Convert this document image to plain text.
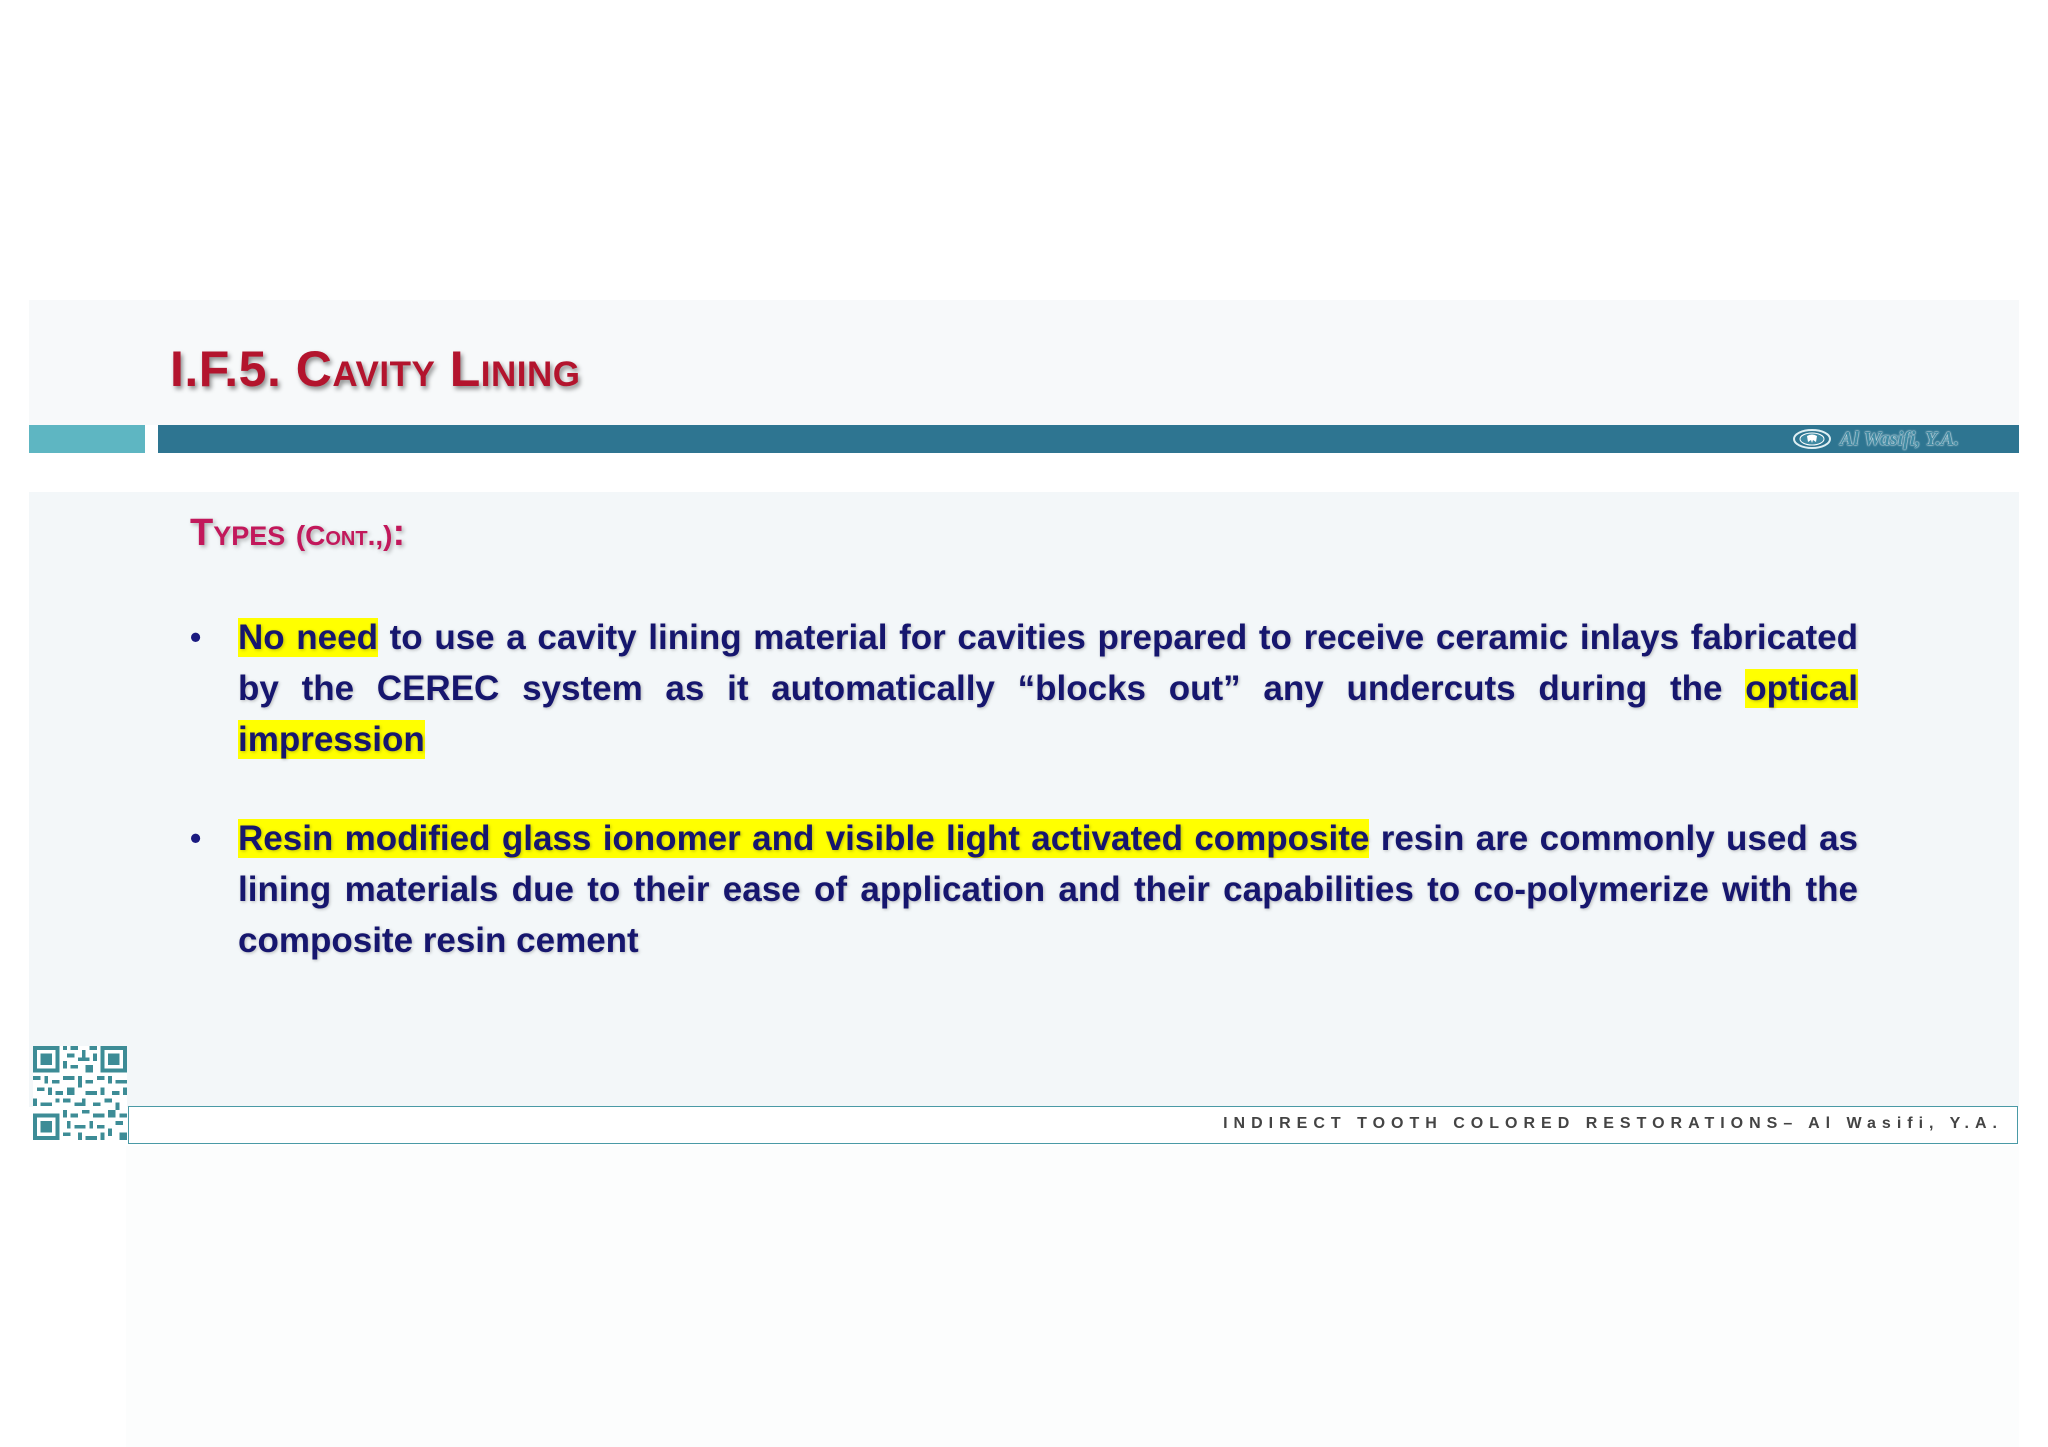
I.F.5. Cavity Lining
Al Wasifi, Y.A.
Types (Cont.,):
• No need to use a cavity lining material for cavities prepared to receive ceramic inlays fabricated by the CEREC system as it automatically “blocks out” any undercuts during the optical impression

• Resin modified glass ionomer and visible light activated composite resin are commonly used as lining materials due to their ease of application and their capabilities to co-polymerize with the composite resin cement

INDIRECT TOOTH COLORED RESTORATIONS– Al Wasifi, Y.A.
